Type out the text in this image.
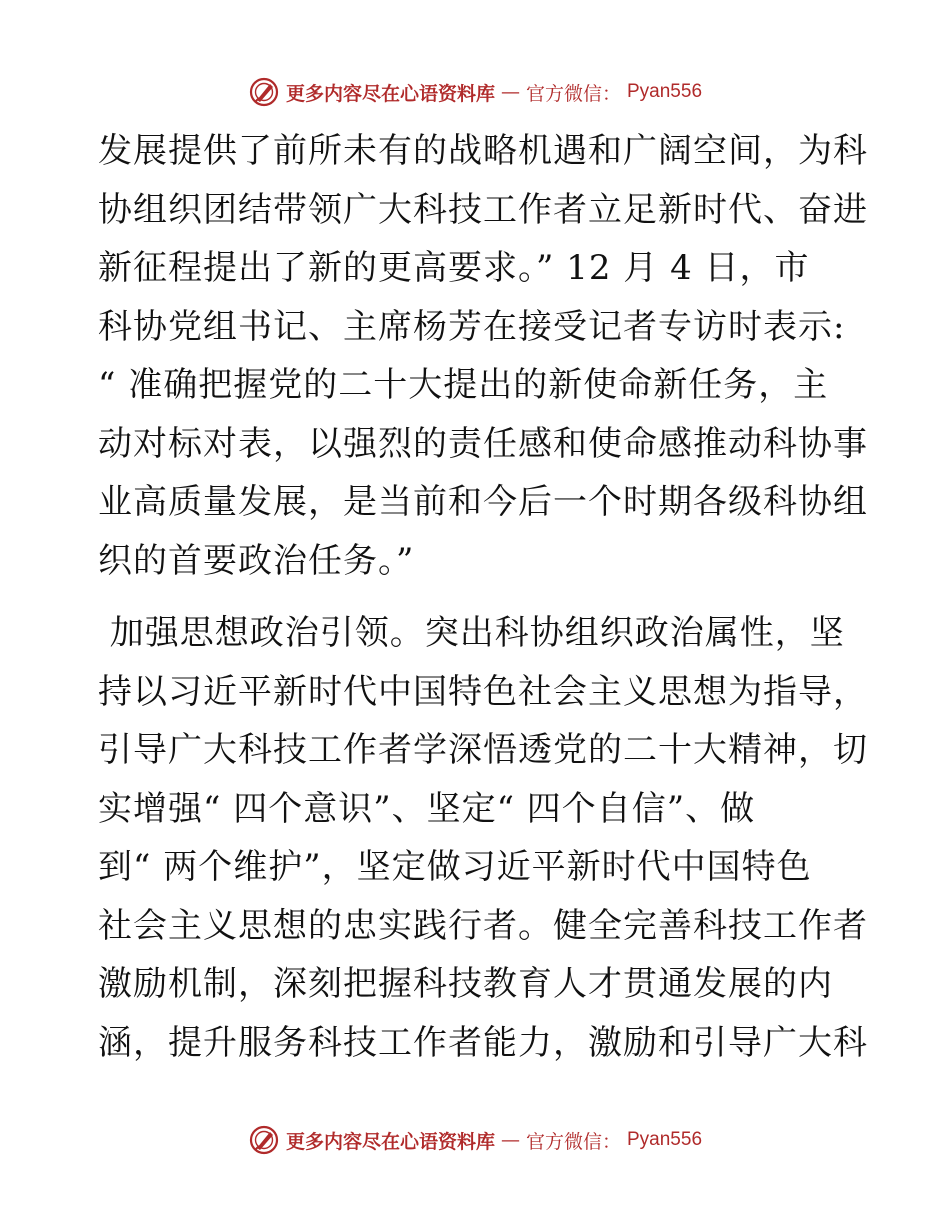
更多内容尽在心语资料库 — 官方微信： Pyan556
发展提供了前所未有的战略机遇和广阔空间，为科
协组织团结带领广大科技工作者立足新时代、奋进
新征程提出了新的更高要求。” 12 月 4 日，市
科协党组书记、主席杨芳在接受记者专访时表示:
“ 准确把握党的二十大提出的新使命新任务，主
动对标对表，以强烈的责任感和使命感推动科协事
业高质量发展，是当前和今后一个时期各级科协组
织的首要政治任务。”
加强思想政治引领。突出科协组织政治属性，坚
持以习近平新时代中国特色社会主义思想为指导，
引导广大科技工作者学深悟透党的二十大精神，切
实增强“ 四个意识”、坚定“ 四个自信”、做
到“ 两个维护”，坚定做习近平新时代中国特色
社会主义思想的忠实践行者。健全完善科技工作者
激励机制，深刻把握科技教育人才贯通发展的内
涵，提升服务科技工作者能力，激励和引导广大科
更多内容尽在心语资料库 — 官方微信： Pyan556
